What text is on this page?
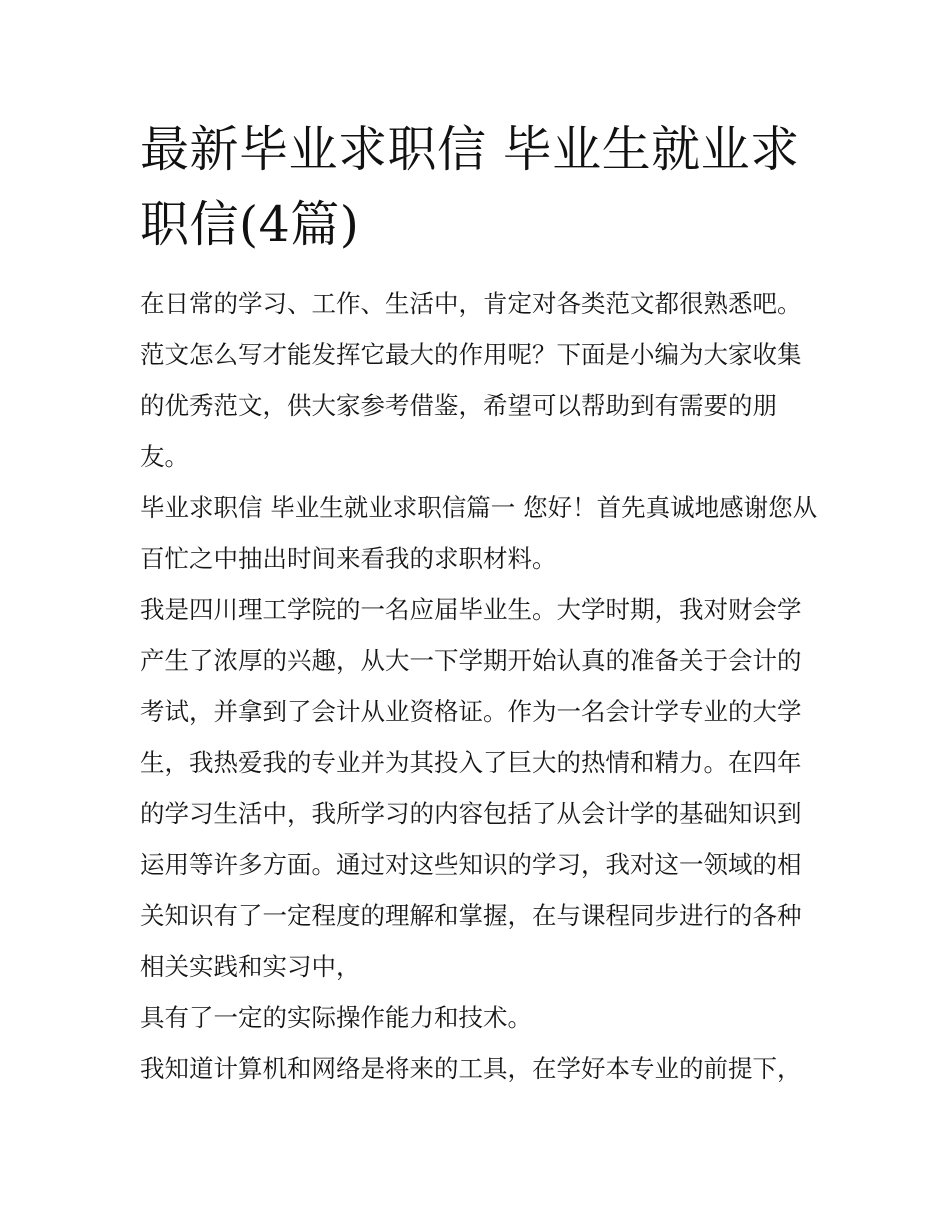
最新毕业求职信 毕业生就业求职信(4篇)

在日常的学习、工作、生活中，肯定对各类范文都很熟悉吧。范文怎么写才能发挥它最大的作用呢？下面是小编为大家收集的优秀范文，供大家参考借鉴，希望可以帮助到有需要的朋友。

毕业求职信 毕业生就业求职信篇一 您好！首先真诚地感谢您从百忙之中抽出时间来看我的求职材料。

我是四川理工学院的一名应届毕业生。大学时期，我对财会学产生了浓厚的兴趣，从大一下学期开始认真的准备关于会计的考试，并拿到了会计从业资格证。作为一名会计学专业的大学生，我热爱我的专业并为其投入了巨大的热情和精力。在四年的学习生活中，我所学习的内容包括了从会计学的基础知识到运用等许多方面。通过对这些知识的学习，我对这一领域的相关知识有了一定程度的理解和掌握，在与课程同步进行的各种相关实践和实习中，

具有了一定的实际操作能力和技术。

我知道计算机和网络是将来的工具，在学好本专业的前提下，
